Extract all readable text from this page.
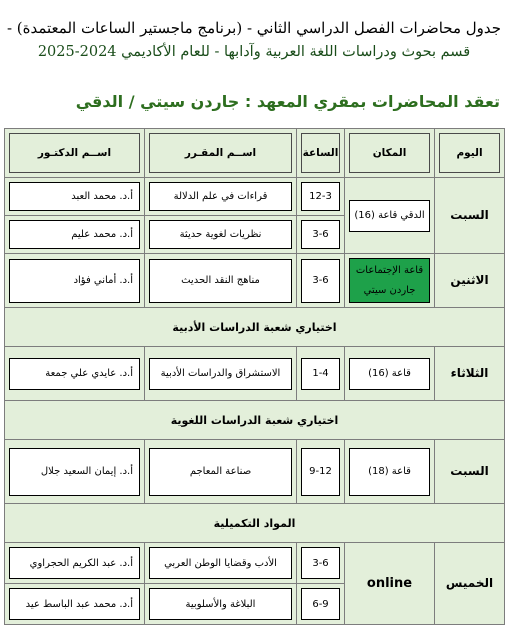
جدول محاضرات الفصل الدراسي الثاني - (برنامج ماجستير الساعات المعتمدة) -
قسم بحوث ودراسات اللغة العربية وآدابها - للعام الأكاديمي 2024-2025
تعقد المحاضرات بمقري المعهد : جاردن سيتي / الدقي
اليوم	المكان	الساعة	اســم المقـرر	اســم الدكتـور

السبت	الدقي قاعة (16)	12-3	قراءات في علم الدلالة	أ.د. محمد العبد

3-6	نظريات لغوية حديثة	أ.د. محمد عليم

الاثنين	قاعة الإجتماعات جاردن سيتي	3-6	مناهج النقد الحديث	أ.د. أماني فؤاد

اختياري شعبة الدراسات الأدبية				

الثلاثاء	قاعة (16)	1-4	الاستشراق والدراسات الأدبية	أ.د. عايدي علي جمعة

اختياري شعبة الدراسات اللغوية				

السبت	قاعة (18)	9-12	صناعة المعاجم	أ.د. إيمان السعيد جلال

المواد التكميلية				

الخميس	online	3-6	الأدب وقضايا الوطن العربي	أ.د. عبد الكريم الحجراوي

6-9	البلاغة والأسلوبية	أ.د. محمد عبد الباسط عيد
